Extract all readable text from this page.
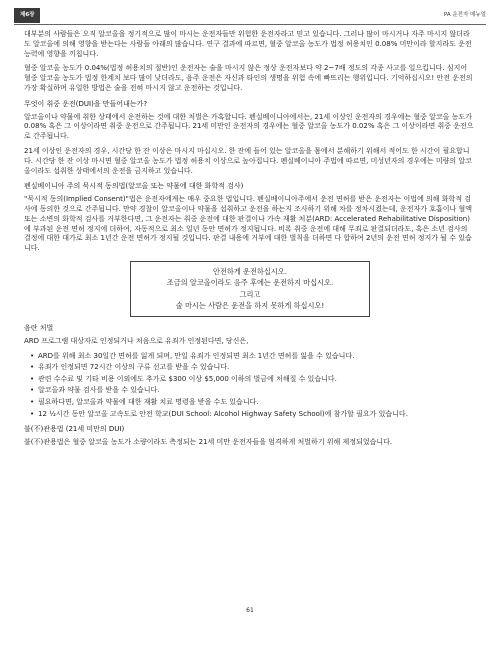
제6장	PA 운전자 매뉴얼

대부분의 사람들은 오직 알코올을 정기적으로 많이 마시는 운전자들만 위험한 운전자라고 믿고 있습니다. 그러나 많이 마시거나 자주 마시지 않더라도 알코올에 의해 영향을 받는다는 사람들 아래의 많습니다. 연구 결과에 따르면, 혈중 알코올 농도가 법정 허용치인 0.08% 미만이라 할지라도 운전 능력에 영향을 끼칩니다.

혈중 알코올 농도가 0.04%(법정 허용치의 절반)인 운전자는 술을 마시지 않은 정상 운전자보다 약 2~7배 정도의 각종 사고를 일으킵니다. 심지어 혈중 알코올 농도가 법정 한계치 보다 많이 낮더라도, 음주 운전은 자신과 타인의 생명을 위험 속에 빠뜨리는 행위입니다. 기억하십시오! 안전 운전의 가장 확실하며 유일한 방법은 술을 전혀 마시지 않고 운전하는 것입니다.

무엇이 취중 운전(DUI)을 만들어내는가?

알코올이나 약물에 취한 상태에서 운전하는 것에 대한 처벌은 가혹합니다. 펜실베이니아에서는, 21세 이상인 운전자의 경우에는 혈중 알코올 농도가 0.08% 혹은 그 이상이라면 취중 운전으로 간주됩니다. 21세 미만인 운전자의 경우에는 혈중 알코올 농도가 0.02% 혹은 그 이상이라면 취중 운전으로 간주됩니다.

21세 이상인 운전자의 경우, 시간당 한 잔 이상은 마시지 마십시오. 한 잔에 들어 있는 알코올을 몸에서 분해하기 위해서 적어도 한 시간이 필요합니다. 시간당 한 잔 이상 마시면 혈중 알코올 농도가 법정 허용치 이상으로 높아집니다. 펜실베이니아 주법에 따르면, 미성년자의 경우에는 미량의 알코올이라도 섭취한 상태에서의 운전을 금지하고 있습니다.

펜실베이니아 주의 묵시적 동의법(알코올 또는 약물에 대한 화학적 검사)

"묵시적 동의(Implied Consent)"법은 운전자에게는 매우 중요한 법입니다. 펜실베이니아주에서 운전 면허를 받은 운전자는 이법에 의해 화학적 검사에 동의한 것으로 간주됩니다. 만약 경찰이 알코올이나 약물을 섭취하고 운전을 하는지 조사하기 위해 차를 정차시켰는데, 운전자가 호흡이나 혈액 또는 소변의 화학적 검사를 거부한다면, 그 운전자는 취중 운전에 대한 판결이나 가속 재활 처분(ARD: Accelerated Rehabilitative Disposition)에 부과된 운전 면허 정지에 더하여, 자동적으로 최소 일년 동안 면허가 정지됩니다. 비록 취중 운전에 대해 무죄로 판결되더라도, 혹은 소년 검사의 결정에 대한 대가로 최소 1년간 운전 면허가 정지될 것입니다. 판결 내용에 거부에 대한 벌칙을 더하면 다 합하여 2년의 운전 면허 정지가 될 수 있습니다.

안전하게 운전하십시오.
조금의 알코올이라도 음주 후에는 운전하지 마십시오.
그리고
술 마시는 사람은 운전을 하지 못하게 하십시오!
음란 처벌

ARD 프로그램 대상자로 인정되거나 처음으로 유죄가 인정된다면, 당신은,

• ARD를 위해 최소 30일간 면허를 잃게 되며, 만일 유죄가 인정되면 최소 1년간 면허를 잃을 수 있습니다.
• 유죄가 인정되면 72시간 이상의 구류 선고를 받을 수 있습니다.
• 관련 수수료 및 기타 비용 이외에도 추가로 $300 이상 $5,000 이하의 벌금에 처해질 수 있습니다.
• 알코올과 약물 검사를 받을 수 있습니다.
• 필요하다면, 알코올과 약물에 대한 재활 치료 명령을 받을 수도 있습니다.
• 12 ½시간 동안 알코올 고속도로 안전 학교(DUI School: Alcohol Highway Safety School)에 참가할 필요가 있습니다.
불(不)관용법 (21세 미만의 DUI)

불(不)관용법은 혈중 알코올 농도가 소량이라도 측정되는 21세 미만 운전자들을 엄격하게 처벌하기 위해 제정되었습니다.

61
